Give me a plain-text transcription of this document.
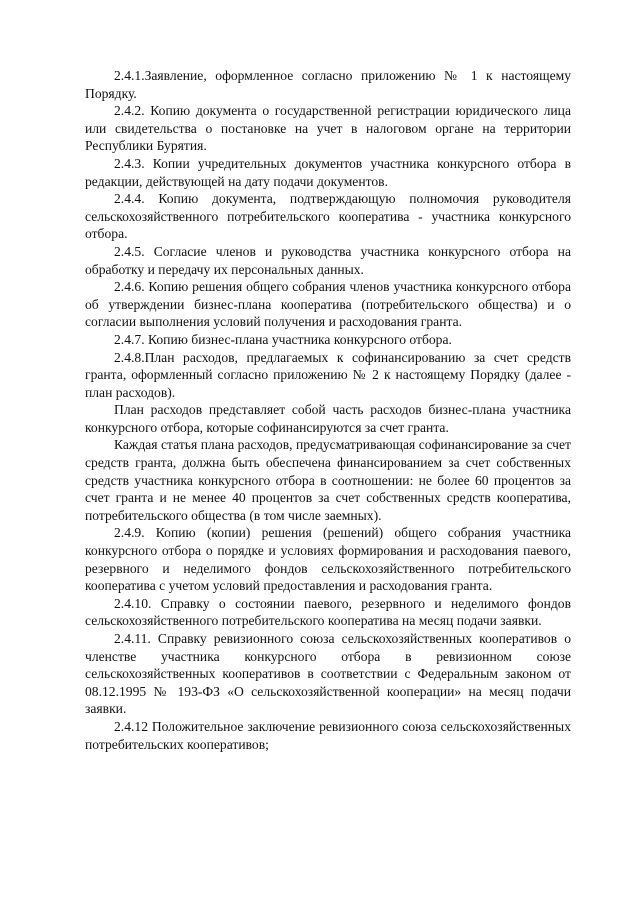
2.4.1.Заявление, оформленное согласно приложению № 1 к настоящему Порядку.

2.4.2. Копию документа о государственной регистрации юридического лица или свидетельства о постановке на учет в налоговом органе на территории Республики Бурятия.

2.4.3. Копии учредительных документов участника конкурсного отбора в редакции, действующей на дату подачи документов.

2.4.4. Копию документа, подтверждающую полномочия руководителя сельскохозяйственного потребительского кооператива - участника конкурсного отбора.

2.4.5. Согласие членов и руководства участника конкурсного отбора на обработку и передачу их персональных данных.

2.4.6. Копию решения общего собрания членов участника конкурсного отбора об утверждении бизнес-плана кооператива (потребительского общества) и о согласии выполнения условий получения и расходования гранта.

2.4.7. Копию бизнес-плана участника конкурсного отбора.

2.4.8.План расходов, предлагаемых к софинансированию за счет средств гранта, оформленный согласно приложению № 2 к настоящему Порядку (далее - план расходов).

План расходов представляет собой часть расходов бизнес-плана участника конкурсного отбора, которые софинансируются за счет гранта.

Каждая статья плана расходов, предусматривающая софинансирование за счет средств гранта, должна быть обеспечена финансированием за счет собственных средств участника конкурсного отбора в соотношении: не более 60 процентов за счет гранта и не менее 40 процентов за счет собственных средств кооператива, потребительского общества (в том числе заемных).

2.4.9. Копию (копии) решения (решений) общего собрания участника конкурсного отбора о порядке и условиях формирования и расходования паевого, резервного и неделимого фондов сельскохозяйственного потребительского кооператива с учетом условий предоставления и расходования гранта.

2.4.10. Справку о состоянии паевого, резервного и неделимого фондов сельскохозяйственного потребительского кооператива на месяц подачи заявки.

2.4.11. Справку ревизионного союза сельскохозяйственных кооперативов о членстве участника конкурсного отбора в ревизионном союзе сельскохозяйственных кооперативов в соответствии с Федеральным законом от 08.12.1995 № 193-ФЗ «О сельскохозяйственной кооперации» на месяц подачи заявки.

2.4.12 Положительное заключение ревизионного союза сельскохозяйственных потребительских кооперативов;
